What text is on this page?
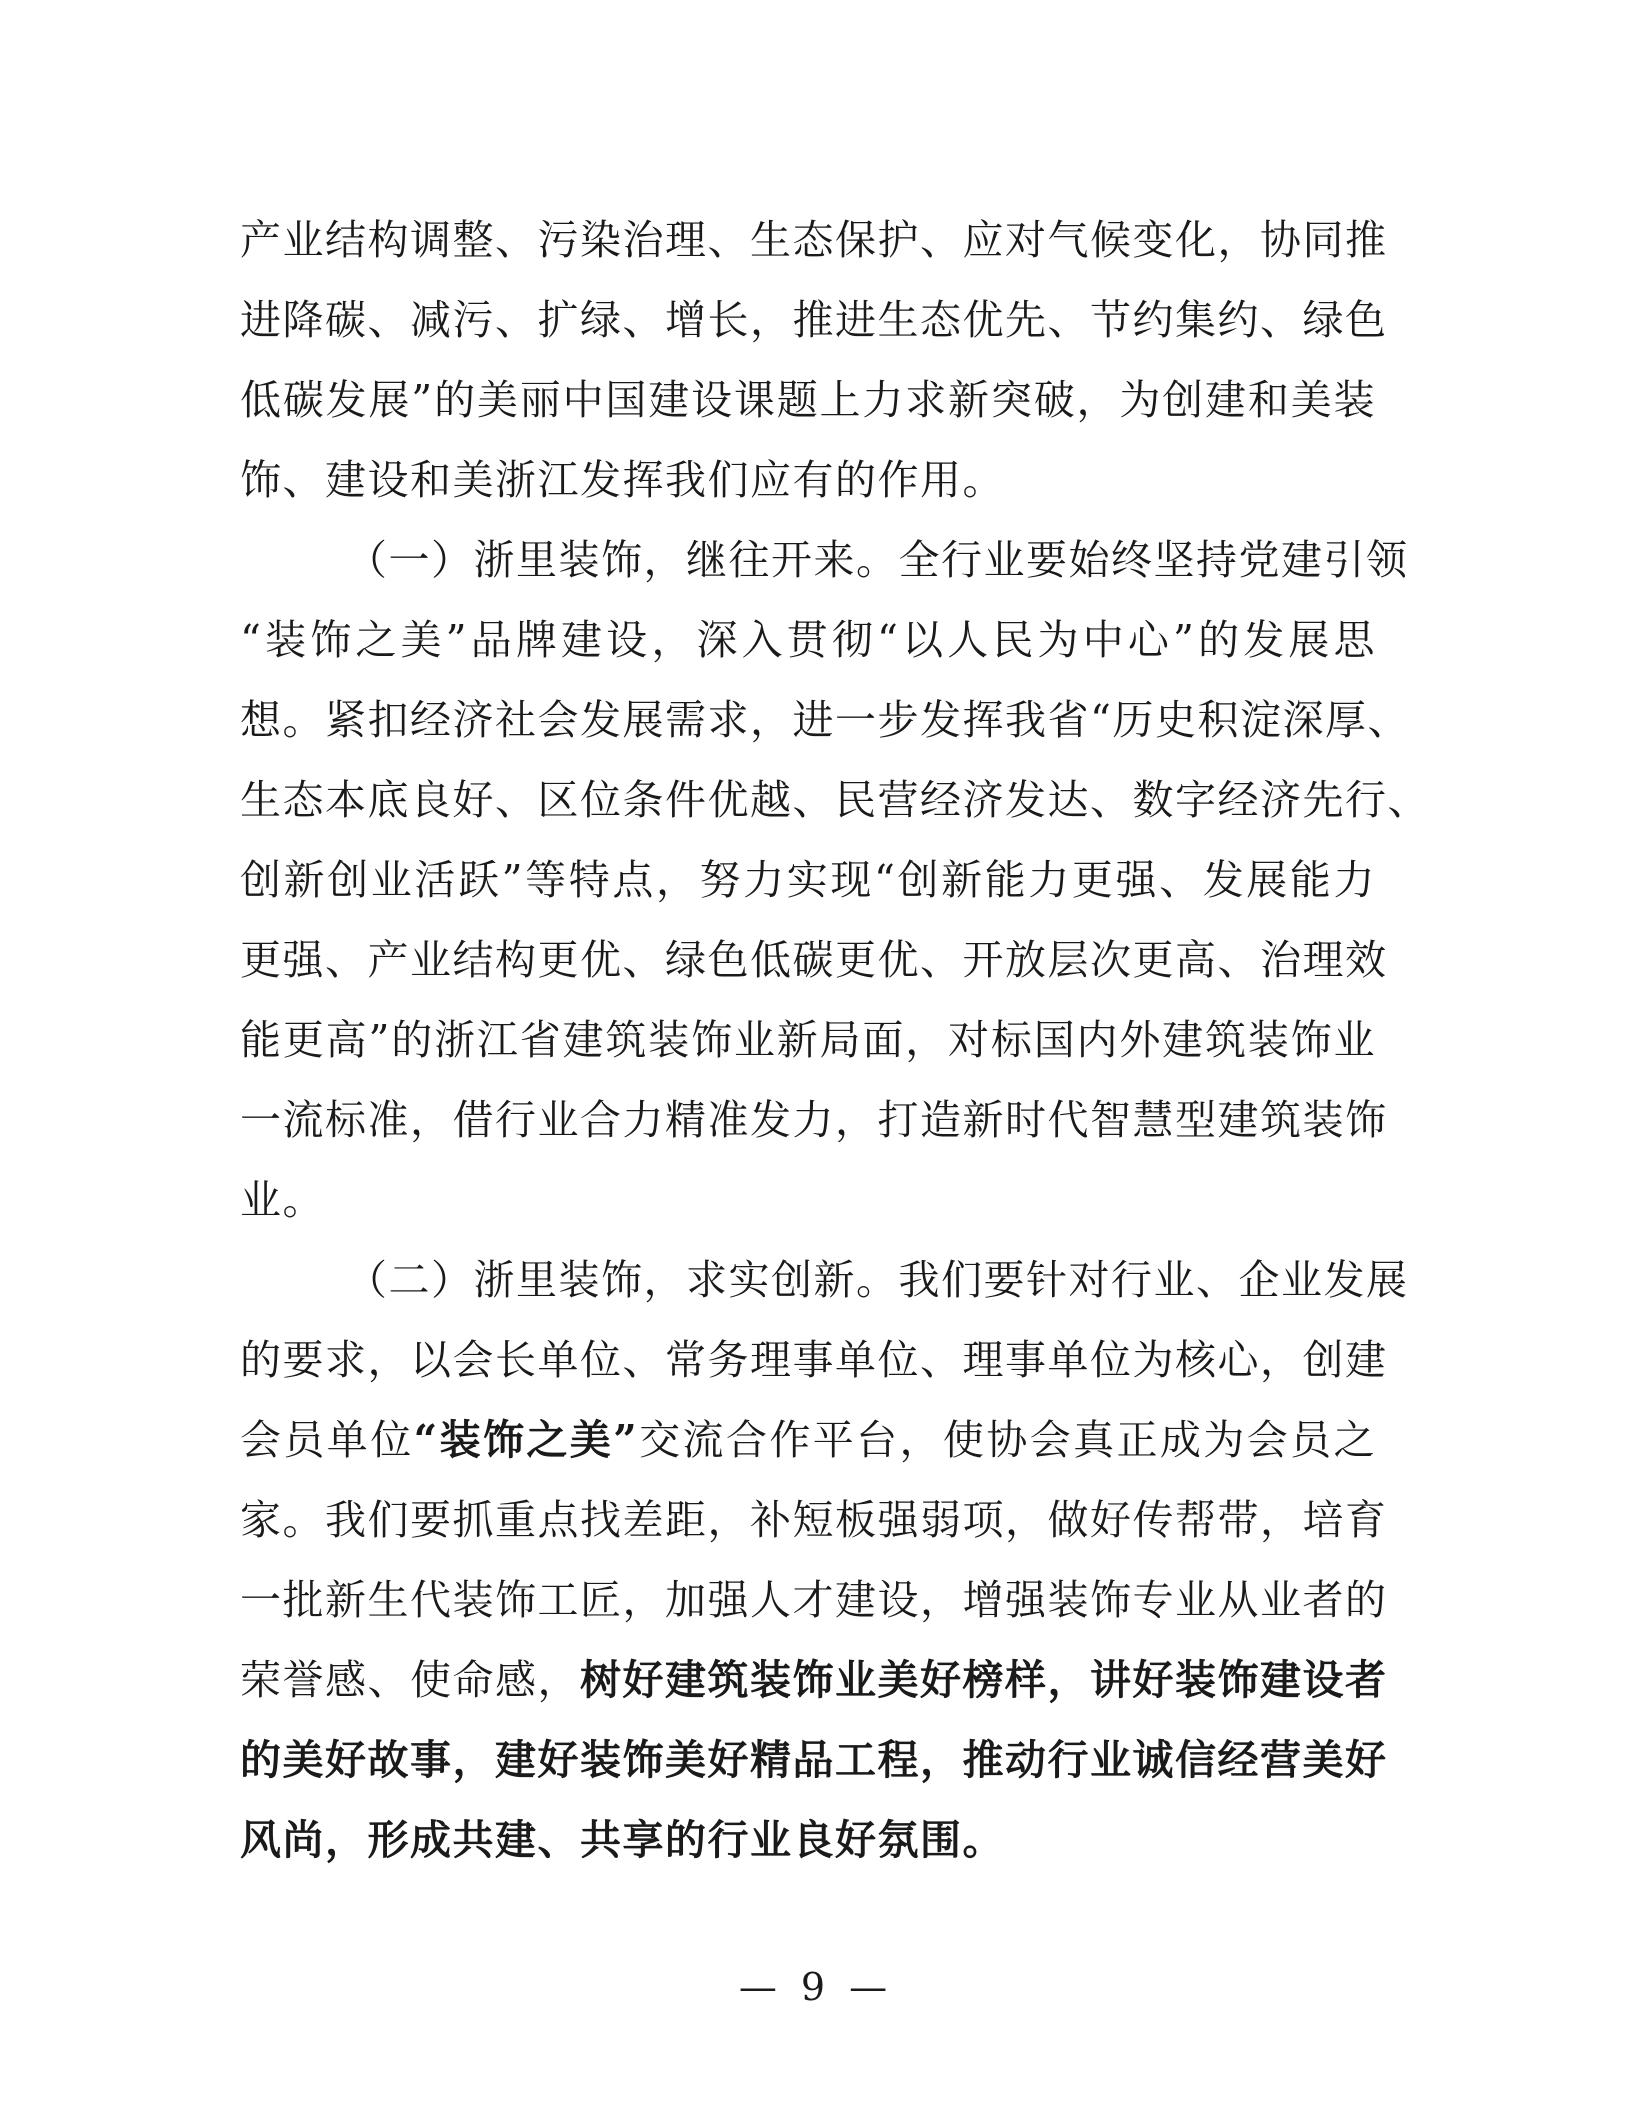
产业结构调整、污染治理、生态保护、应对气候变化，协同推
进降碳、减污、扩绿、增长，推进生态优先、节约集约、绿色
低碳发展”的美丽中国建设课题上力求新突破，为创建和美装
饰、建设和美浙江发挥我们应有的作用。
（一）浙里装饰，继往开来。全行业要始终坚持党建引领
“装饰之美”品牌建设，深入贯彻“以人民为中心”的发展思
想。紧扣经济社会发展需求，进一步发挥我省“历史积淀深厚、
生态本底良好、区位条件优越、民营经济发达、数字经济先行、
创新创业活跃”等特点，努力实现“创新能力更强、发展能力
更强、产业结构更优、绿色低碳更优、开放层次更高、治理效
能更高”的浙江省建筑装饰业新局面，对标国内外建筑装饰业
一流标准，借行业合力精准发力，打造新时代智慧型建筑装饰
业。
（二）浙里装饰，求实创新。我们要针对行业、企业发展
的要求，以会长单位、常务理事单位、理事单位为核心，创建
会员单位“装饰之美”交流合作平台，使协会真正成为会员之
家。我们要抓重点找差距，补短板强弱项，做好传帮带，培育
一批新生代装饰工匠，加强人才建设，增强装饰专业从业者的
荣誉感、使命感，树好建筑装饰业美好榜样，讲好装饰建设者
的美好故事，建好装饰美好精品工程，推动行业诚信经营美好
风尚，形成共建、共享的行业良好氛围。
— 9 —
